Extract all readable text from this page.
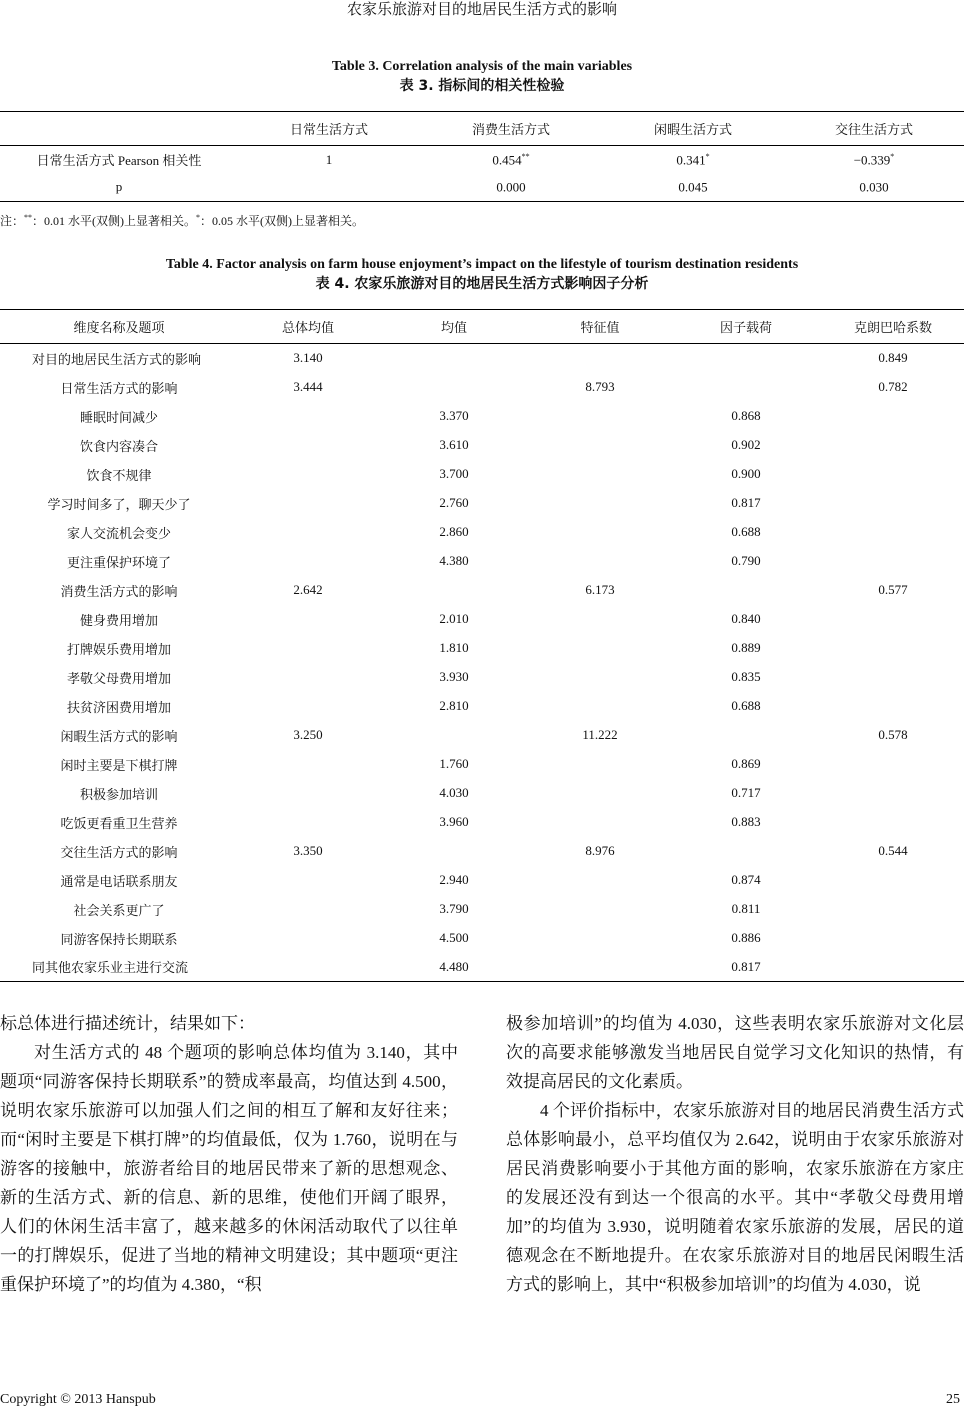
农家乐旅游对目的地居民生活方式的影响
Table 3. Correlation analysis of the main variables
表 3. 指标间的相关性检验
	日常生活方式	消费生活方式	闲暇生活方式	交往生活方式
日常生活方式 Pearson 相关性	1	0.454**	0.341*	−0.339*
p		0.000	0.045	0.030
注：**：0.01 水平(双侧)上显著相关。*：0.05 水平(双侧)上显著相关。
Table 4. Factor analysis on farm house enjoyment’s impact on the lifestyle of tourism destination residents
表 4. 农家乐旅游对目的地居民生活方式影响因子分析
维度名称及题项	总体均值	均值	特征值	因子载荷	克朗巴哈系数
对目的地居民生活方式的影响	3.140				0.849
日常生活方式的影响	3.444		8.793		0.782
睡眠时间减少		3.370		0.868	
饮食内容凑合		3.610		0.902	
饮食不规律		3.700		0.900	
学习时间多了，聊天少了		2.760		0.817	
家人交流机会变少		2.860		0.688	
更注重保护环境了		4.380		0.790	
消费生活方式的影响	2.642		6.173		0.577
健身费用增加		2.010		0.840	
打牌娱乐费用增加		1.810		0.889	
孝敬父母费用增加		3.930		0.835	
扶贫济困费用增加		2.810		0.688	
闲暇生活方式的影响	3.250		11.222		0.578
闲时主要是下棋打牌		1.760		0.869	
积极参加培训		4.030		0.717	
吃饭更看重卫生营养		3.960		0.883	
交往生活方式的影响	3.350		8.976		0.544
通常是电话联系朋友		2.940		0.874	
社会关系更广了		3.790		0.811	
同游客保持长期联系		4.500		0.886	
同其他农家乐业主进行交流		4.480		0.817	

标总体进行描述统计，结果如下：

对生活方式的 48 个题项的影响总体均值为 3.140，其中题项“同游客保持长期联系”的赞成率最高，均值达到 4.500，说明农家乐旅游可以加强人们之间的相互了解和友好往来；而“闲时主要是下棋打牌”的均值最低，仅为 1.760，说明在与游客的接触中，旅游者给目的地居民带来了新的思想观念、新的生活方式、新的信息、新的思维，使他们开阔了眼界，人们的休闲生活丰富了，越来越多的休闲活动取代了以往单一的打牌娱乐，促进了当地的精神文明建设；其中题项“更注重保护环境了”的均值为 4.380，“积

极参加培训”的均值为 4.030，这些表明农家乐旅游对文化层次的高要求能够激发当地居民自觉学习文化知识的热情，有效提高居民的文化素质。

4 个评价指标中，农家乐旅游对目的地居民消费生活方式总体影响最小，总平均值仅为 2.642，说明由于农家乐旅游对居民消费影响要小于其他方面的影响，农家乐旅游在方家庄的发展还没有到达一个很高的水平。其中“孝敬父母费用增加”的均值为 3.930，说明随着农家乐旅游的发展，居民的道德观念在不断地提升。在农家乐旅游对目的地居民闲暇生活方式的影响上，其中“积极参加培训”的均值为 4.030，说

Copyright © 2013 Hanspub	25
